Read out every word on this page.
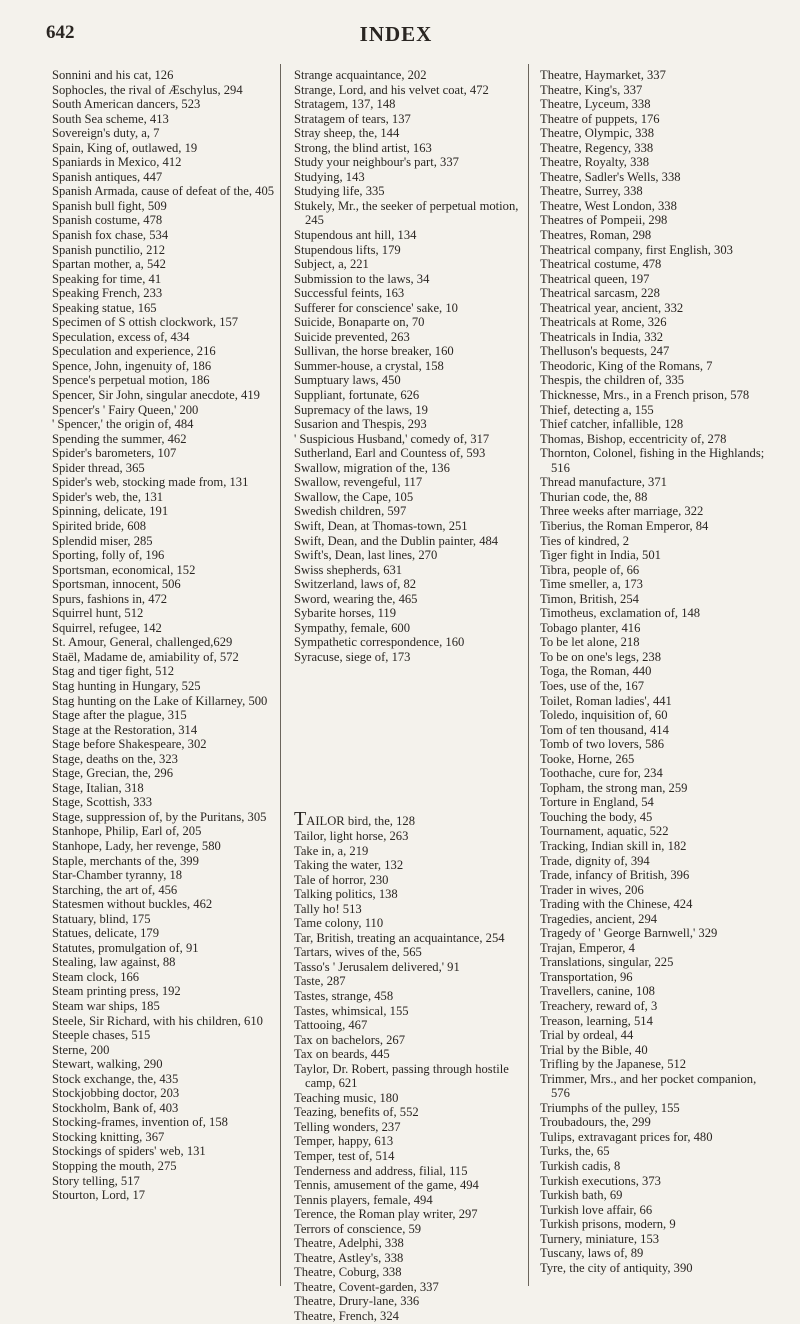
642	INDEX
Sonnini and his cat, 126
Sophocles, the rival of Æschylus, 294
South American dancers, 523
South Sea scheme, 413
Sovereign's duty, a, 7
Spain, King of, outlawed, 19
Spaniards in Mexico, 412
Spanish antiques, 447
Spanish Armada, cause of defeat of the, 405
Spanish bull fight, 509
Spanish costume, 478
Spanish fox chase, 534
Spanish punctilio, 212
Spartan mother, a, 542
Speaking for time, 41
Speaking French, 233
Speaking statue, 165
Specimen of S ottish clockwork, 157
Speculation, excess of, 434
Speculation and experience, 216
Spence, John, ingenuity of, 186
Spence's perpetual motion, 186
Spencer, Sir John, singular anecdote, 419
Spencer's ' Fairy Queen,' 200
' Spencer,' the origin of, 484
Spending the summer, 462
Spider's barometers, 107
Spider thread, 365
Spider's web, stocking made from, 131
Spider's web, the, 131
Spinning, delicate, 191
Spirited bride, 608
Splendid miser, 285
Sporting, folly of, 196
Sportsman, economical, 152
Sportsman, innocent, 506
Spurs, fashions in, 472
Squirrel hunt, 512
Squirrel, refugee, 142
St. Amour, General, challenged,629
Staël, Madame de, amiability of, 572
Stag and tiger fight, 512
Stag hunting in Hungary, 525
Stag hunting on the Lake of Killarney, 500
Stage after the plague, 315
Stage at the Restoration, 314
Stage before Shakespeare, 302
Stage, deaths on the, 323
Stage, Grecian, the, 296
Stage, Italian, 318
Stage, Scottish, 333
Stage, suppression of, by the Puritans, 305
Stanhope, Philip, Earl of, 205
Stanhope, Lady, her revenge, 580
Staple, merchants of the, 399
Star-Chamber tyranny, 18
Starching, the art of, 456
Statesmen without buckles, 462
Statuary, blind, 175
Statues, delicate, 179
Statutes, promulgation of, 91
Stealing, law against, 88
Steam clock, 166
Steam printing press, 192
Steam war ships, 185
Steele, Sir Richard, with his children, 610
Steeple chases, 515
Sterne, 200
Stewart, walking, 290
Stock exchange, the, 435
Stockjobbing doctor, 203
Stockholm, Bank of, 403
Stocking-frames, invention of, 158
Stocking knitting, 367
Stockings of spiders' web, 131
Stopping the mouth, 275
Story telling, 517
Stourton, Lord, 17
Strange acquaintance, 202
Strange, Lord, and his velvet coat, 472
Stratagem, 137, 148
Stratagem of tears, 137
Stray sheep, the, 144
Strong, the blind artist, 163
Study your neighbour's part, 337
Studying, 143
Studying life, 335
Stukely, Mr., the seeker of perpetual motion, 245
Stupendous ant hill, 134
Stupendous lifts, 179
Subject, a, 221
Submission to the laws, 34
Successful feints, 163
Sufferer for conscience' sake, 10
Suicide, Bonaparte on, 70
Suicide prevented, 263
Sullivan, the horse breaker, 160
Summer-house, a crystal, 158
Sumptuary laws, 450
Suppliant, fortunate, 626
Supremacy of the laws, 19
Susarion and Thespis, 293
' Suspicious Husband,' comedy of, 317
Sutherland, Earl and Countess of, 593
Swallow, migration of the, 136
Swallow, revengeful, 117
Swallow, the Cape, 105
Swedish children, 597
Swift, Dean, at Thomas-town, 251
Swift, Dean, and the Dublin painter, 484
Swift's, Dean, last lines, 270
Swiss shepherds, 631
Switzerland, laws of, 82
Sword, wearing the, 465
Sybarite horses, 119
Sympathy, female, 600
Sympathetic correspondence, 160
Syracuse, siege of, 173
TAILOR bird, the, 128
Tailor, light horse, 263
Take in, a, 219
Taking the water, 132
Tale of horror, 230
Talking politics, 138
Tally ho! 513
Tame colony, 110
Tar, British, treating an acquaintance, 254
Tartars, wives of the, 565
Tasso's ' Jerusalem delivered,' 91
Taste, 287
Tastes, strange, 458
Tastes, whimsical, 155
Tattooing, 467
Tax on bachelors, 267
Tax on beards, 445
Taylor, Dr. Robert, passing through hostile camp, 621
Teaching music, 180
Teazing, benefits of, 552
Telling wonders, 237
Temper, happy, 613
Temper, test of, 514
Tenderness and address, filial, 115
Tennis, amusement of the game, 494
Tennis players, female, 494
Terence, the Roman play writer, 297
Terrors of conscience, 59
Theatre, Adelphi, 338
Theatre, Astley's, 338
Theatre, Coburg, 338
Theatre, Covent-garden, 337
Theatre, Drury-lane, 336
Theatre, French, 324
Theatre, Haymarket, 337
Theatre, King's, 337
Theatre, Lyceum, 338
Theatre of puppets, 176
Theatre, Olympic, 338
Theatre, Regency, 338
Theatre, Royalty, 338
Theatre, Sadler's Wells, 338
Theatre, Surrey, 338
Theatre, West London, 338
Theatres of Pompeii, 298
Theatres, Roman, 298
Theatrical company, first English, 303
Theatrical costume, 478
Theatrical queen, 197
Theatrical sarcasm, 228
Theatrical year, ancient, 332
Theatricals at Rome, 326
Theatricals in India, 332
Thelluson's bequests, 247
Theodoric, King of the Romans, 7
Thespis, the children of, 335
Thicknesse, Mrs., in a French prison, 578
Thief, detecting a, 155
Thief catcher, infallible, 128
Thomas, Bishop, eccentricity of, 278
Thornton, Colonel, fishing in the Highlands; 516
Thread manufacture, 371
Thurian code, the, 88
Three weeks after marriage, 322
Tiberius, the Roman Emperor, 84
Ties of kindred, 2
Tiger fight in India, 501
Tibra, people of, 66
Time smeller, a, 173
Timon, British, 254
Timotheus, exclamation of, 148
Tobago planter, 416
To be let alone, 218
To be on one's legs, 238
Toga, the Roman, 440
Toes, use of the, 167
Toilet, Roman ladies', 441
Toledo, inquisition of, 60
Tom of ten thousand, 414
Tomb of two lovers, 586
Tooke, Horne, 265
Toothache, cure for, 234
Topham, the strong man, 259
Torture in England, 54
Touching the body, 45
Tournament, aquatic, 522
Tracking, Indian skill in, 182
Trade, dignity of, 394
Trade, infancy of British, 396
Trader in wives, 206
Trading with the Chinese, 424
Tragedies, ancient, 294
Tragedy of ' George Barnwell,' 329
Trajan, Emperor, 4
Translations, singular, 225
Transportation, 96
Travellers, canine, 108
Treachery, reward of, 3
Treason, learning, 514
Trial by ordeal, 44
Trial by the Bible, 40
Trifling by the Japanese, 512
Trimmer, Mrs., and her pocket companion, 576
Triumphs of the pulley, 155
Troubadours, the, 299
Tulips, extravagant prices for, 480
Turks, the, 65
Turkish cadis, 8
Turkish executions, 373
Turkish bath, 69
Turkish love affair, 66
Turkish prisons, modern, 9
Turnery, miniature, 153
Tuscany, laws of, 89
Tyre, the city of antiquity, 390
